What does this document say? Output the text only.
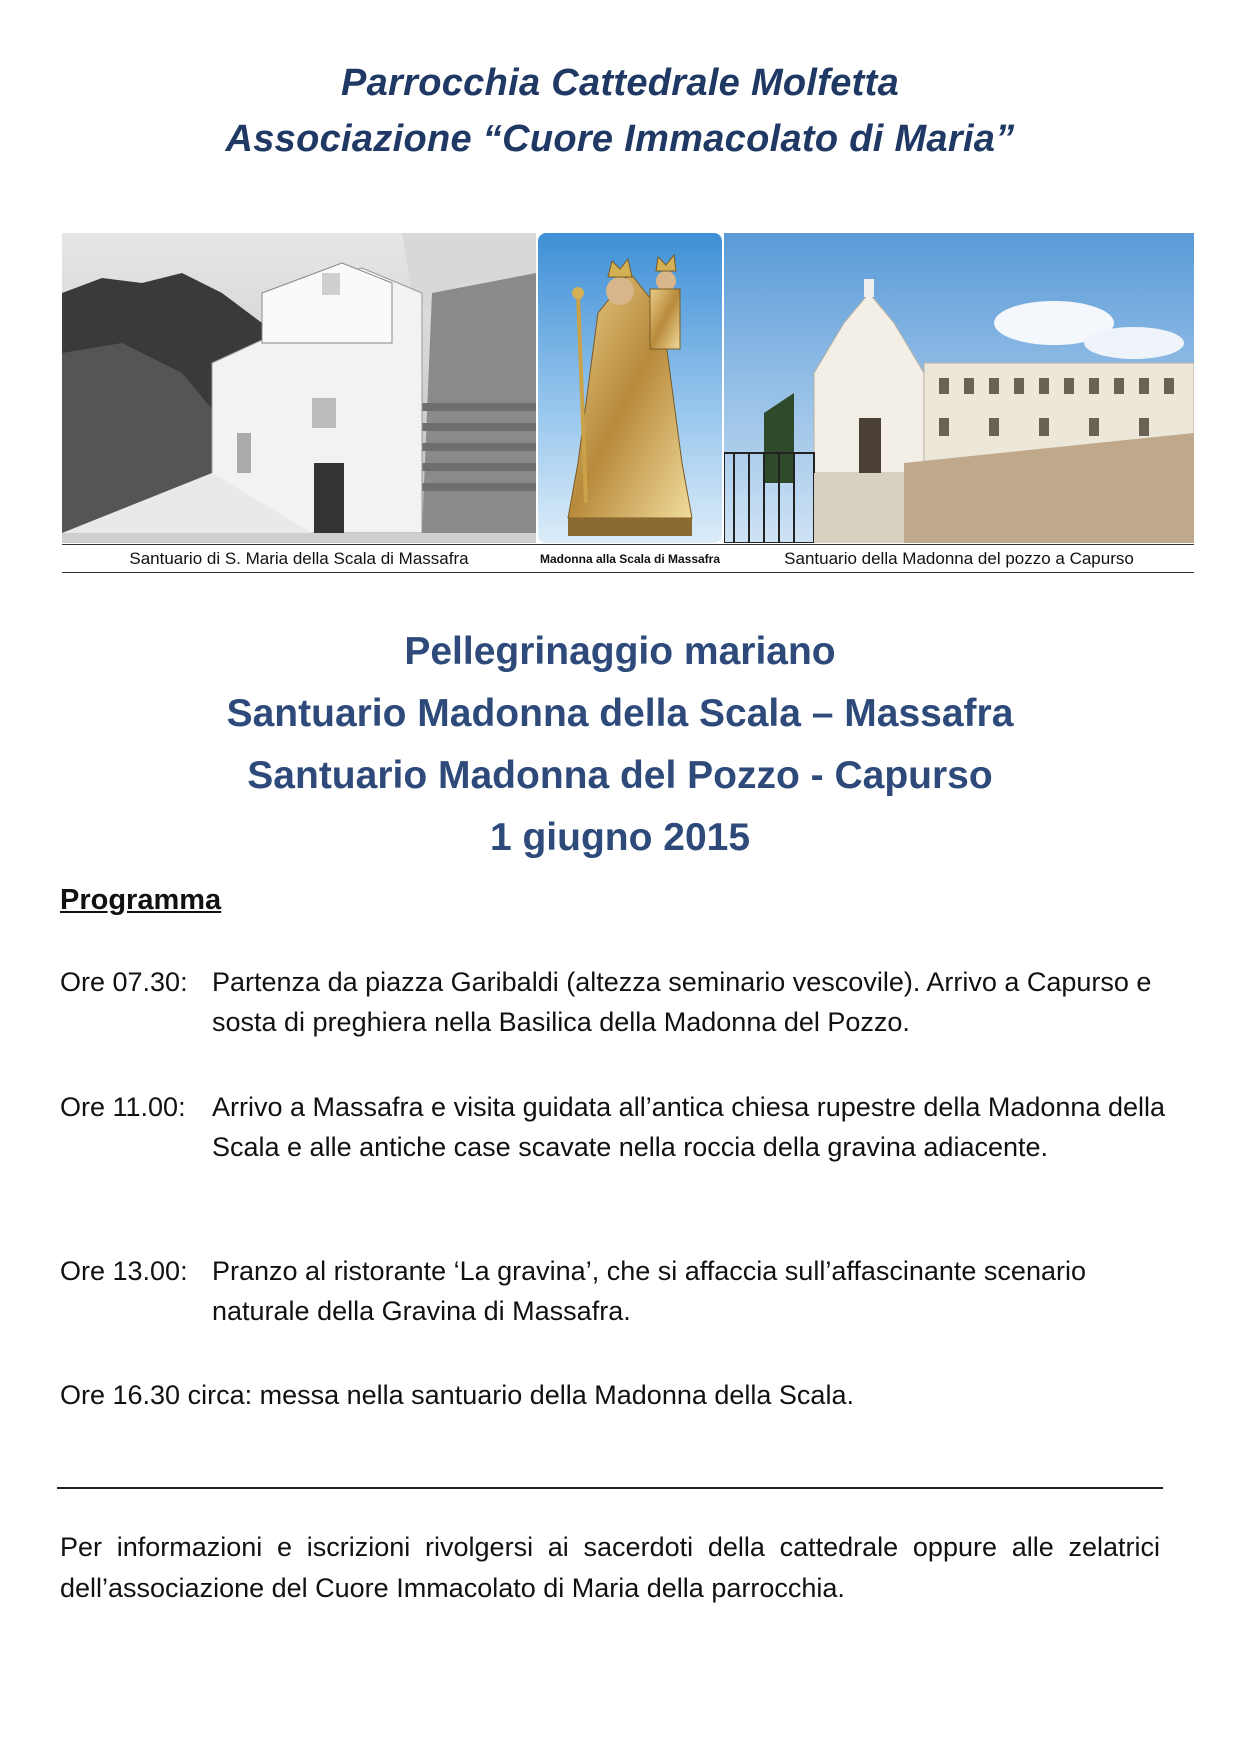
Parrocchia Cattedrale Molfetta
Associazione “Cuore Immacolato di Maria”
Santuario di S. Maria della Scala di Massafra	Madonna alla Scala di Massafra	Santuario della Madonna del pozzo a Capurso
Pellegrinaggio mariano
Santuario Madonna della Scala – Massafra
Santuario Madonna del Pozzo - Capurso
1 giugno 2015
Programma
Ore 07.30: Partenza da piazza Garibaldi (altezza seminario vescovile). Arrivo a Capurso e sosta di preghiera nella Basilica della Madonna del Pozzo.
Ore 11.00: Arrivo a Massafra e visita guidata all’antica chiesa rupestre della Madonna della Scala e alle antiche case scavate nella roccia della gravina adiacente.
Ore 13.00: Pranzo al ristorante ‘La gravina’, che si affaccia sull’affascinante scenario naturale della Gravina di Massafra.
Ore 16.30 circa: messa nella santuario della Madonna della Scala.
Per informazioni e iscrizioni rivolgersi ai sacerdoti della cattedrale oppure alle zelatrici dell’associazione del Cuore Immacolato di Maria della parrocchia.
